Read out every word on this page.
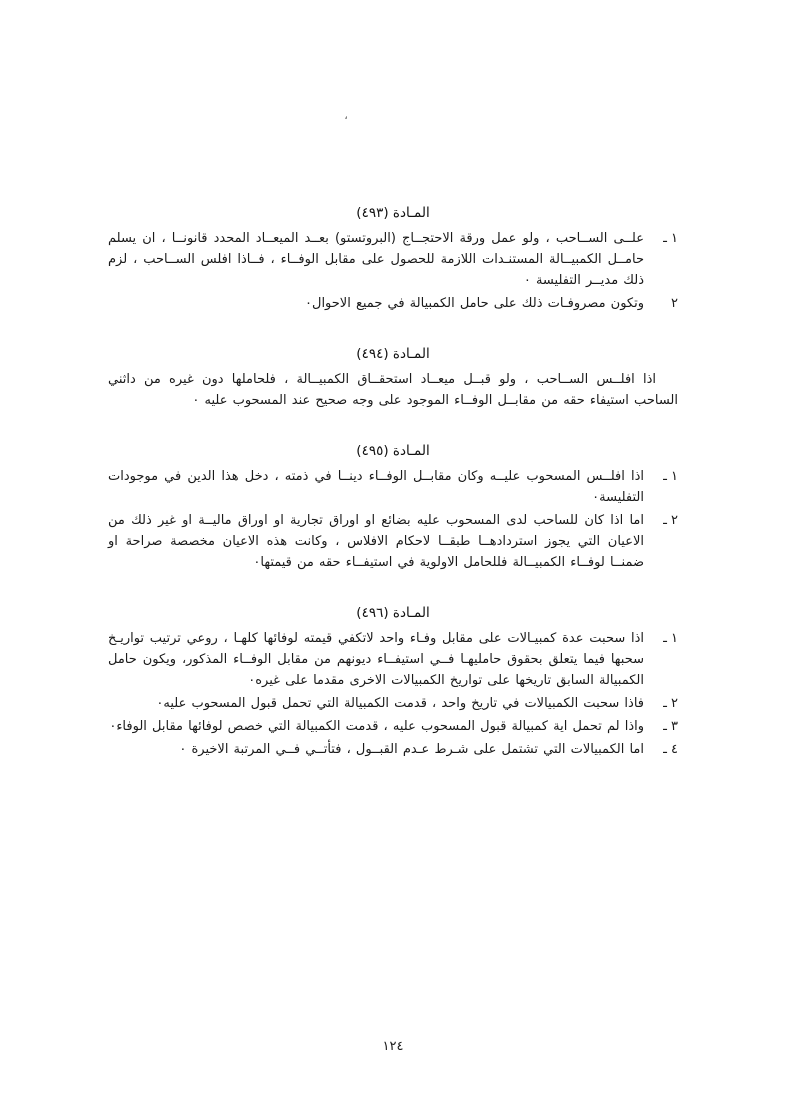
،
المـادة (٤٩٣)
١ ـ
علــى الســاحب ، ولو عمل ورقة الاحتجــاج (البروتستو) بعــد الميعــاد المحدد قانونــا ، ان يسلم حامــل الكمبيــالة المستنـدات اللازمة للحصول على مقابل الوفــاء ، فــاذا افلس الســاحب ، لزم ذلك مديــر التفليسة ٠
٢
وتكون مصروفـات ذلك على حامل الكمبيالة في جميع الاحوال٠
المـادة (٤٩٤)
اذا افلــس الســاحب ، ولو قبــل ميعــاد استحقــاق الكمبيــالة ، فلحاملها دون غيره من داثني الساحب استيفاء حقه من مقابــل الوفــاء الموجود على وجه صحيح عند المسحوب عليه ٠
المـادة (٤٩٥)
١ ـ
اذا افلــس المسحوب عليــه وكان مقابــل الوفــاء دينــا في ذمته ، دخل هذا الدين في موجودات التفليسة٠
٢ ـ
اما اذا كان للساحب لدى المسحوب عليه بضائع او اوراق تجارية او اوراق ماليــة او غير ذلك من الاعيان التي يجوز استردادهــا طبقــا لاحكام الافلاس ، وكانت هذه الاعيان مخصصة صراحة او ضمنــا لوفــاء الكمبيــالة فللحامل الاولوية في استيفــاء حقه من قيمتها٠
المـادة (٤٩٦)
١ ـ
اذا سحبت عدة كمبيـالات على مقابل وفـاء واحد لاتكفي قيمته لوفائها كلهـا ، روعي ترتيب تواريـخ سحبها فيما يتعلق بحقوق حامليهـا فــي استيفــاء ديونهم من مقابل الوفــاء المذكور، ويكون حامل الكمبيالة السابق تاريخها على تواريخ الكمبيالات الاخرى مقدما على غيره٠
٢ ـ
فاذا سحبت الكمبيالات في تاريخ واحد ، قدمت الكمبيالة التي تحمل قبول المسحوب عليه٠
٣ ـ
واذا لم تحمل اية كمبيالة قبول المسحوب عليه ، قدمت الكمبيالة التي خصص لوفائها مقابل الوفاء٠
٤ ـ
اما الكمبيالات التي تشتمل على شـرط عـدم القبــول ، فتأتــي فــي المرتبة الاخيرة ٠
١٢٤
